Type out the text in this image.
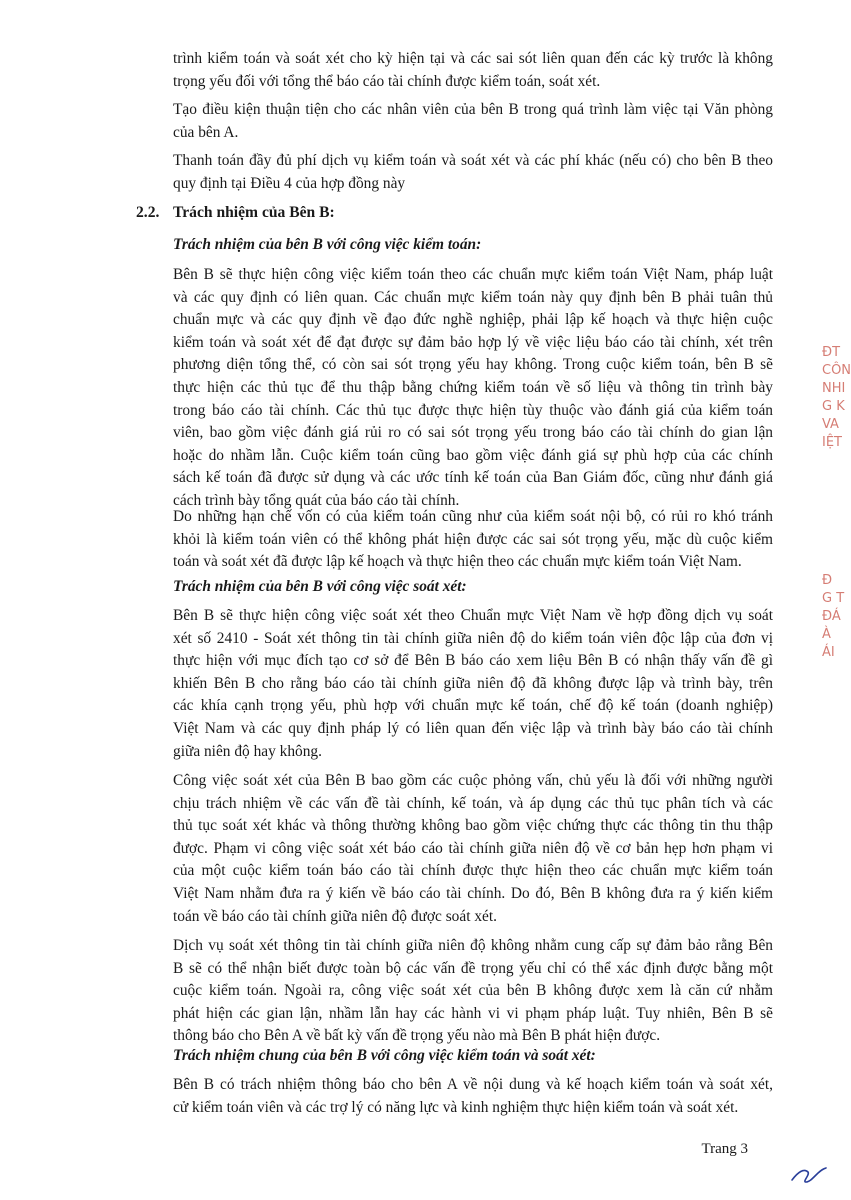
trình kiểm toán và soát xét cho kỳ hiện tại và các sai sót liên quan đến các kỳ trước là không
trọng yếu đối với tổng thể báo cáo tài chính được kiểm toán, soát xét.

Tạo điều kiện thuận tiện cho các nhân viên của bên B trong quá trình làm việc tại Văn phòng
của bên A.

Thanh toán đầy đủ phí dịch vụ kiểm toán và soát xét và các phí khác (nếu có) cho bên B theo
quy định tại Điều 4 của hợp đồng này

2.2. Trách nhiệm của Bên B:
Trách nhiệm của bên B với công việc kiểm toán:

Bên B sẽ thực hiện công việc kiểm toán theo các chuẩn mực kiểm toán Việt Nam, pháp luật
và các quy định có liên quan. Các chuẩn mực kiểm toán này quy định bên B phải tuân thủ
chuẩn mực và các quy định về đạo đức nghề nghiệp, phải lập kế hoạch và thực hiện cuộc
kiểm toán và soát xét để đạt được sự đảm bảo hợp lý về việc liệu báo cáo tài chính, xét trên
phương diện tổng thể, có còn sai sót trọng yếu hay không. Trong cuộc kiểm toán, bên B sẽ
thực hiện các thủ tục để thu thập bằng chứng kiểm toán về số liệu và thông tin trình bày
trong báo cáo tài chính. Các thủ tục được thực hiện tùy thuộc vào đánh giá của kiểm toán
viên, bao gồm việc đánh giá rủi ro có sai sót trọng yếu trong báo cáo tài chính do gian lận
hoặc do nhầm lẫn. Cuộc kiểm toán cũng bao gồm việc đánh giá sự phù hợp của các chính
sách kế toán đã được sử dụng và các ước tính kế toán của Ban Giám đốc, cũng như đánh giá
cách trình bày tổng quát của báo cáo tài chính.

Do những hạn chế vốn có của kiểm toán cũng như của kiểm soát nội bộ, có rủi ro khó tránh
khỏi là kiểm toán viên có thể không phát hiện được các sai sót trọng yếu, mặc dù cuộc kiểm
toán và soát xét đã được lập kế hoạch và thực hiện theo các chuẩn mực kiểm toán Việt Nam.

Trách nhiệm của bên B với công việc soát xét:

Bên B sẽ thực hiện công việc soát xét theo Chuẩn mực Việt Nam về hợp đồng dịch vụ soát
xét số 2410 - Soát xét thông tin tài chính giữa niên độ do kiểm toán viên độc lập của đơn vị
thực hiện với mục đích tạo cơ sở để Bên B báo cáo xem liệu Bên B có nhận thấy vấn đề gì
khiến Bên B cho rằng báo cáo tài chính giữa niên độ đã không được lập và trình bày, trên
các khía cạnh trọng yếu, phù hợp với chuẩn mực kế toán, chế độ kế toán (doanh nghiệp)
Việt Nam và các quy định pháp lý có liên quan đến việc lập và trình bày báo cáo tài chính
giữa niên độ hay không.

Công việc soát xét của Bên B bao gồm các cuộc phỏng vấn, chủ yếu là đối với những người
chịu trách nhiệm về các vấn đề tài chính, kế toán, và áp dụng các thủ tục phân tích và các
thủ tục soát xét khác và thông thường không bao gồm việc chứng thực các thông tin thu thập
được. Phạm vi công việc soát xét báo cáo tài chính giữa niên độ về cơ bản hẹp hơn phạm vi
của một cuộc kiểm toán báo cáo tài chính được thực hiện theo các chuẩn mực kiểm toán
Việt Nam nhằm đưa ra ý kiến về báo cáo tài chính. Do đó, Bên B không đưa ra ý kiến kiểm
toán về báo cáo tài chính giữa niên độ được soát xét.

Dịch vụ soát xét thông tin tài chính giữa niên độ không nhằm cung cấp sự đảm bảo rằng Bên
B sẽ có thể nhận biết được toàn bộ các vấn đề trọng yếu chỉ có thể xác định được bằng một
cuộc kiểm toán. Ngoài ra, công việc soát xét của bên B không được xem là căn cứ nhằm
phát hiện các gian lận, nhầm lẫn hay các hành vi vi phạm pháp luật. Tuy nhiên, Bên B sẽ
thông báo cho Bên A về bất kỳ vấn đề trọng yếu nào mà Bên B phát hiện được.

Trách nhiệm chung của bên B với công việc kiểm toán và soát xét:

Bên B có trách nhiệm thông báo cho bên A về nội dung và kế hoạch kiểm toán và soát xét,
cử kiểm toán viên và các trợ lý có năng lực và kinh nghiệm thực hiện kiểm toán và soát xét.

Trang 3
ĐT
CÔN
NHI
G K
VA
IỆT
Đ
G T
ĐÁ
À
ÁI
